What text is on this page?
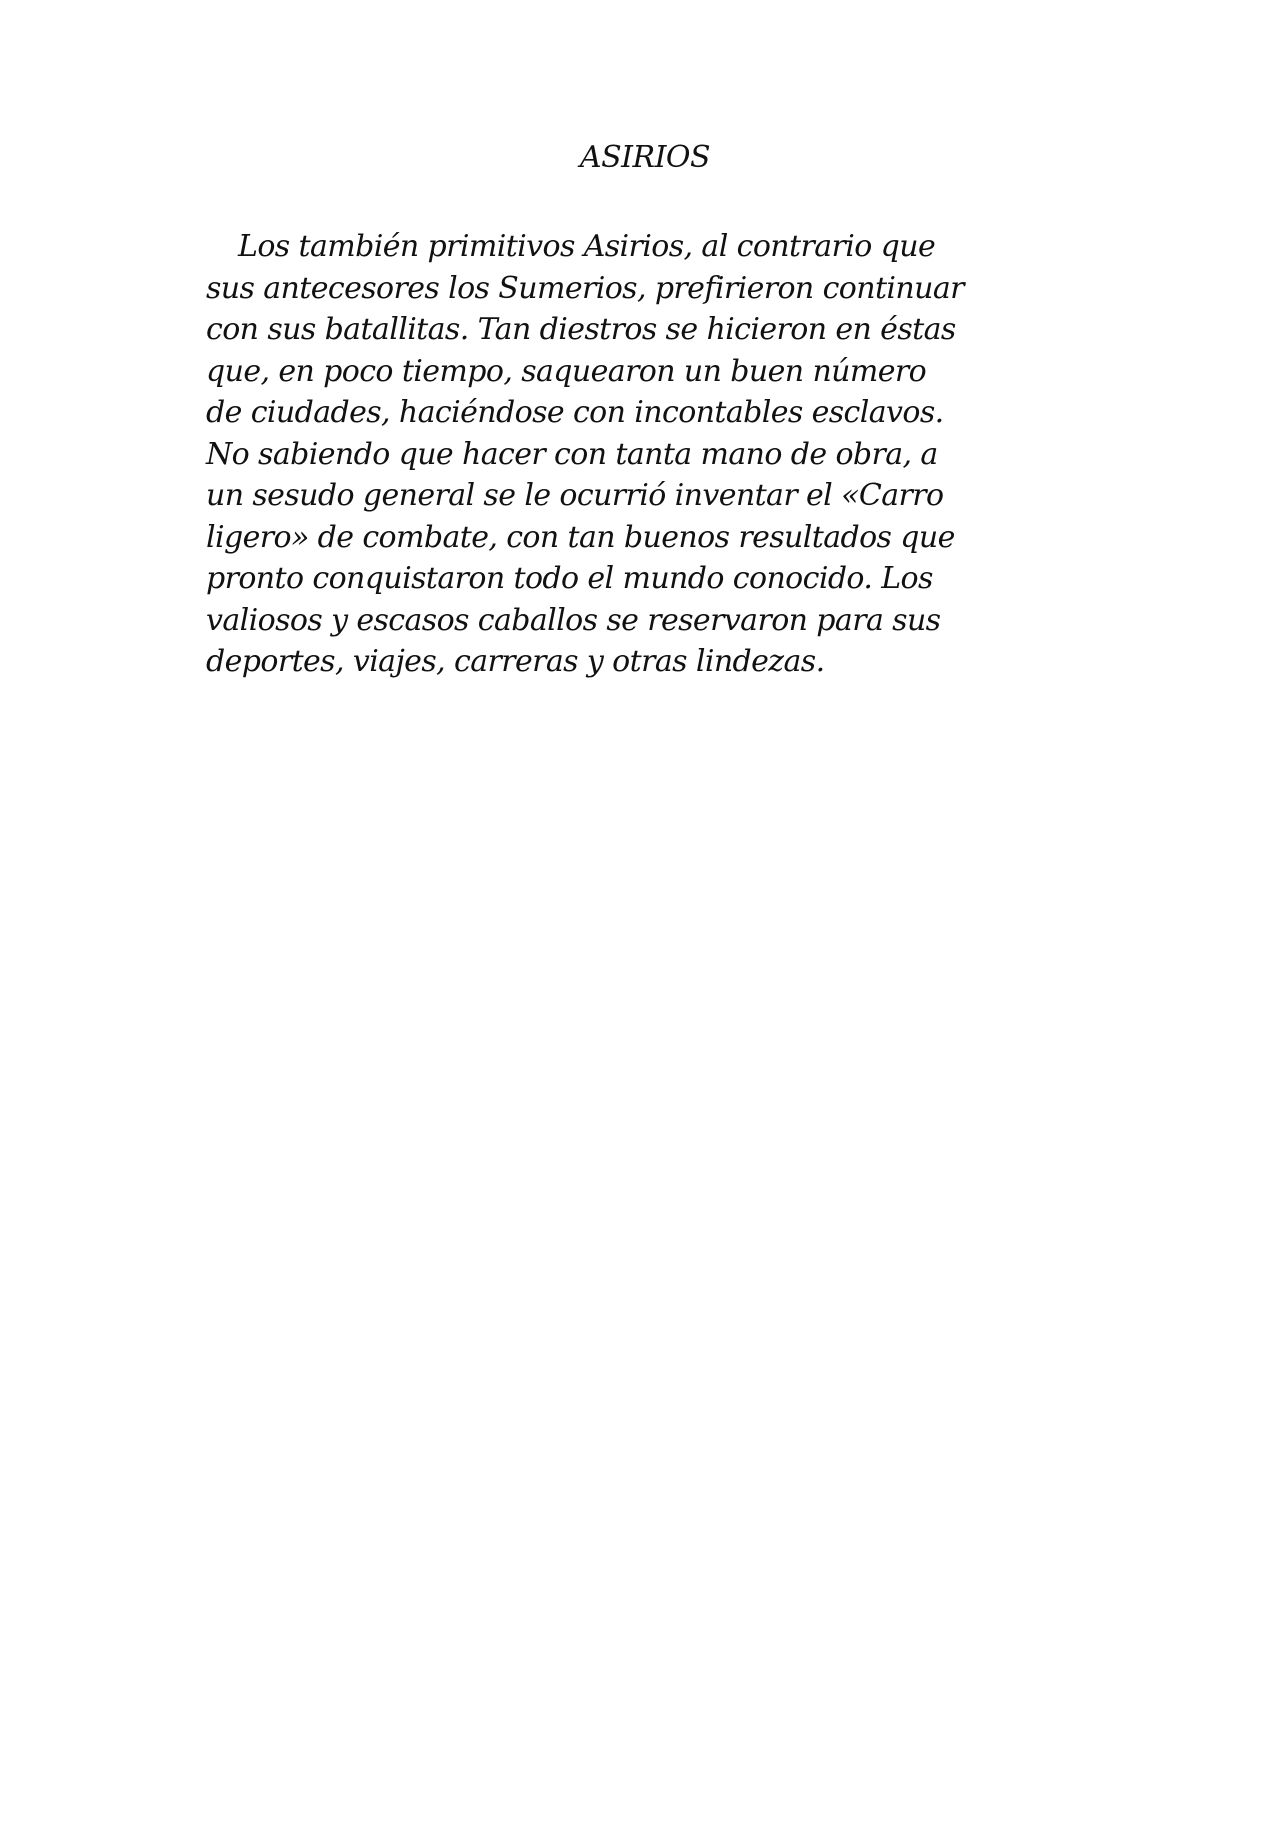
ASIRIOS
Los también primitivos Asirios, al contrario que
sus antecesores los Sumerios, prefirieron continuar
con sus batallitas. Tan diestros se hicieron en éstas
que, en poco tiempo, saquearon un buen número
de ciudades, haciéndose con incontables esclavos.
No sabiendo que hacer con tanta mano de obra, a
un sesudo general se le ocurrió inventar el «Carro
ligero» de combate, con tan buenos resultados que
pronto conquistaron todo el mundo conocido. Los
valiosos y escasos caballos se reservaron para sus
deportes, viajes, carreras y otras lindezas.
